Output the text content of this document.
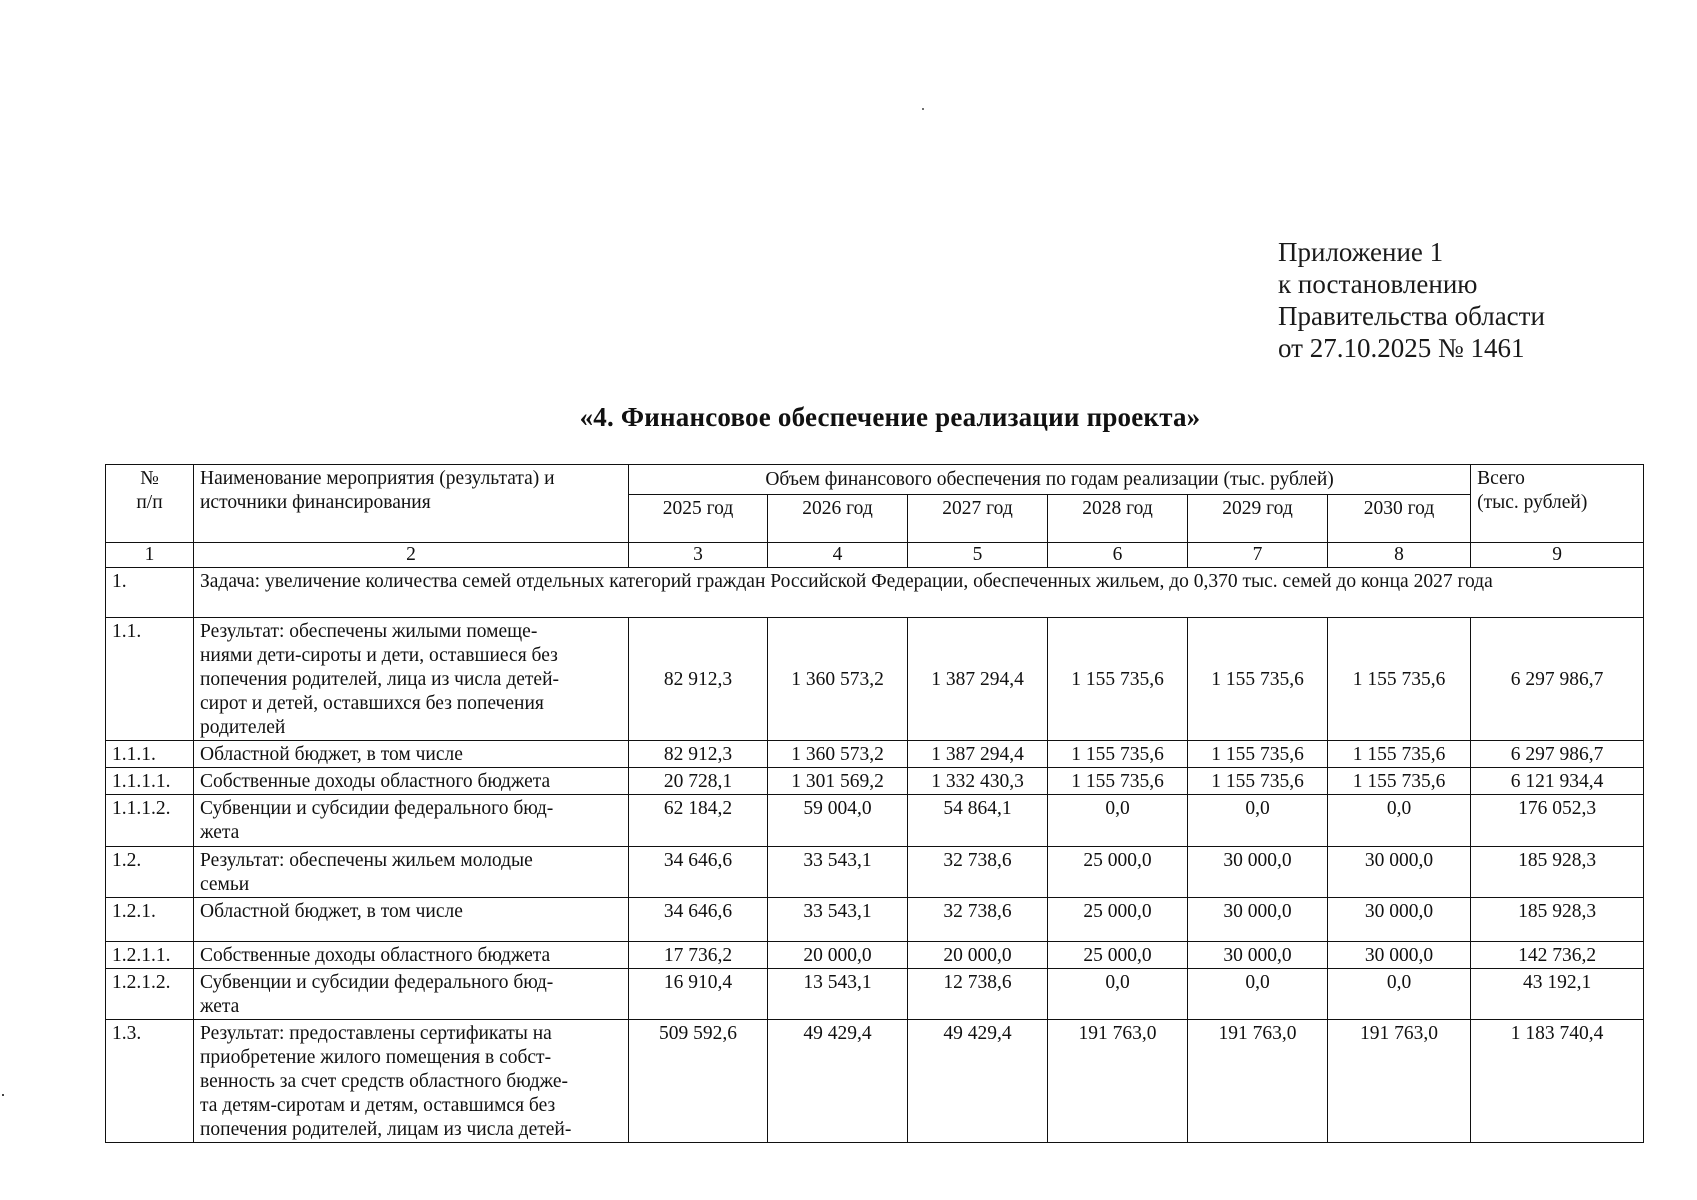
Приложение 1
к постановлению
Правительства области
от 27.10.2025 № 1461
«4. Финансовое обеспечение реализации проекта»
№
п/п	Наименование мероприятия (результата) и источники финансирования	Объем финансового обеспечения по годам реализации (тыс. рублей)						Всего
(тыс. рублей)
		2025 год	2026 год	2027 год	2028 год	2029 год	2030 год	
1	2	3	4	5	6	7	8	9
1.	Задача: увеличение количества семей отдельных категорий граждан Российской Федерации, обеспеченных жильем, до 0,370 тыс. семей до конца 2027 года							
1.1.	Результат: обеспечены жилыми помеще-
ниями дети-сироты и дети, оставшиеся без
попечения родителей, лица из числа детей-
сирот и детей, оставшихся без попечения
родителей	82 912,3	1 360 573,2	1 387 294,4	1 155 735,6	1 155 735,6	1 155 735,6	6 297 986,7
1.1.1.	Областной бюджет, в том числе	82 912,3	1 360 573,2	1 387 294,4	1 155 735,6	1 155 735,6	1 155 735,6	6 297 986,7
1.1.1.1.	Собственные доходы областного бюджета	20 728,1	1 301 569,2	1 332 430,3	1 155 735,6	1 155 735,6	1 155 735,6	6 121 934,4
1.1.1.2.	Субвенции и субсидии федерального бюд-
жета	62 184,2	59 004,0	54 864,1	0,0	0,0	0,0	176 052,3
1.2.	Результат: обеспечены жильем молодые
семьи	34 646,6	33 543,1	32 738,6	25 000,0	30 000,0	30 000,0	185 928,3
1.2.1.	Областной бюджет, в том числе	34 646,6	33 543,1	32 738,6	25 000,0	30 000,0	30 000,0	185 928,3
1.2.1.1.	Собственные доходы областного бюджета	17 736,2	20 000,0	20 000,0	25 000,0	30 000,0	30 000,0	142 736,2
1.2.1.2.	Субвенции и субсидии федерального бюд-
жета	16 910,4	13 543,1	12 738,6	0,0	0,0	0,0	43 192,1
1.3.	Результат: предоставлены сертификаты на
приобретение жилого помещения в собст-
венность за счет средств областного бюдже-
та детям-сиротам и детям, оставшимся без
попечения родителей, лицам из числа детей-	509 592,6	49 429,4	49 429,4	191 763,0	191 763,0	191 763,0	1 183 740,4
